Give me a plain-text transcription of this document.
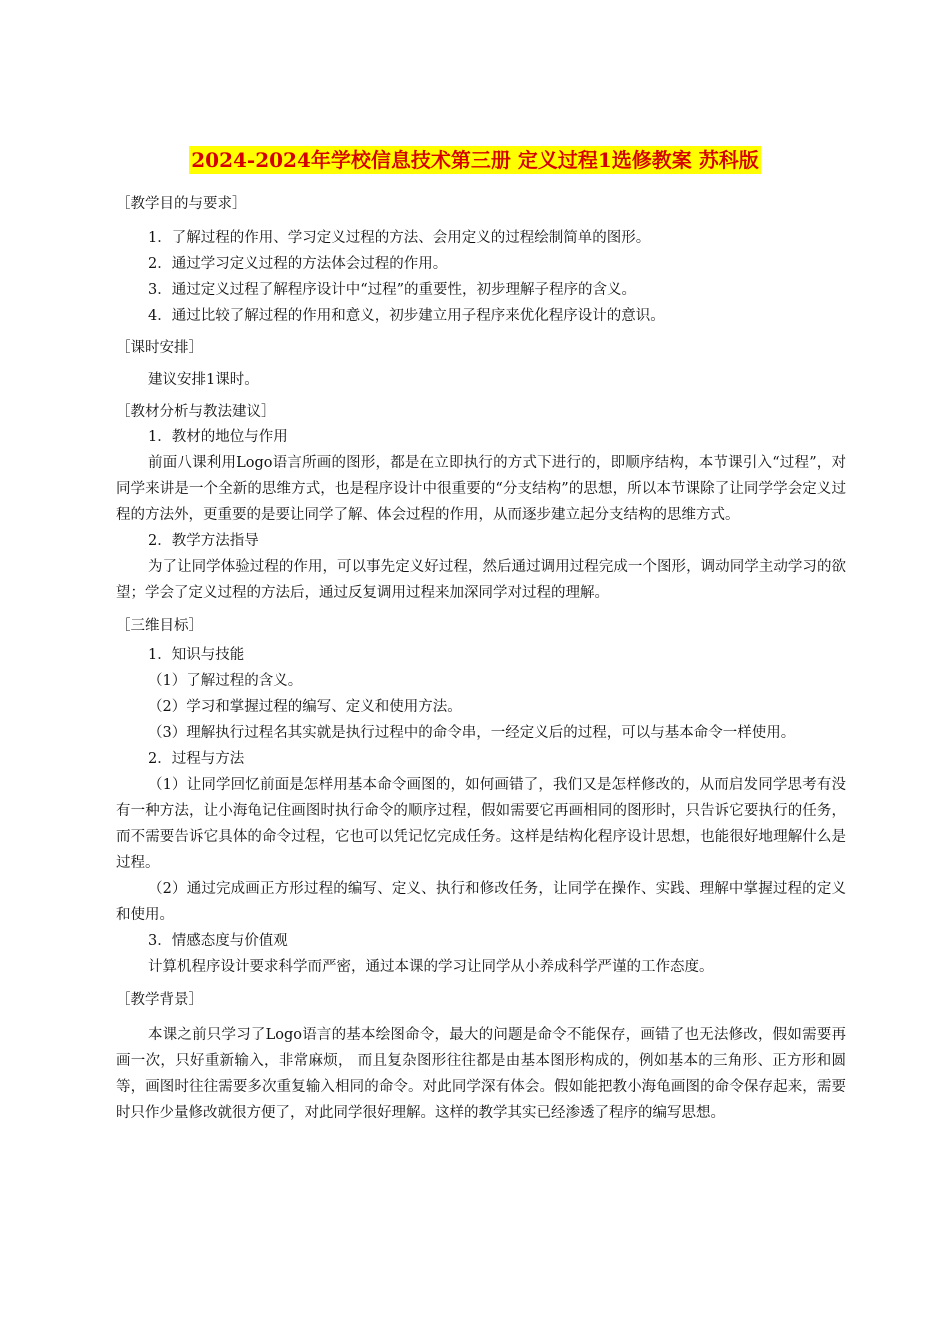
2024-2024年学校信息技术第三册 定义过程1选修教案 苏科版

［教学目的与要求］

1．了解过程的作用、学习定义过程的方法、会用定义的过程绘制简单的图形。

2．通过学习定义过程的方法体会过程的作用。

3．通过定义过程了解程序设计中“过程”的重要性，初步理解子程序的含义。

4．通过比较了解过程的作用和意义，初步建立用子程序来优化程序设计的意识。

［课时安排］

建议安排1课时。

［教材分析与教法建议］

1．教材的地位与作用

前面八课利用Logo语言所画的图形，都是在立即执行的方式下进行的，即顺序结构，本节课引入“过程”，对同学来讲是一个全新的思维方式，也是程序设计中很重要的“分支结构”的思想，所以本节课除了让同学学会定义过程的方法外，更重要的是要让同学了解、体会过程的作用，从而逐步建立起分支结构的思维方式。

2．教学方法指导

为了让同学体验过程的作用，可以事先定义好过程，然后通过调用过程完成一个图形，调动同学主动学习的欲望；学会了定义过程的方法后，通过反复调用过程来加深同学对过程的理解。

［三维目标］

1．知识与技能

（1）了解过程的含义。

（2）学习和掌握过程的编写、定义和使用方法。

（3）理解执行过程名其实就是执行过程中的命令串，一经定义后的过程，可以与基本命令一样使用。

2．过程与方法

（1）让同学回忆前面是怎样用基本命令画图的，如何画错了，我们又是怎样修改的，从而启发同学思考有没有一种方法，让小海龟记住画图时执行命令的顺序过程，假如需要它再画相同的图形时，只告诉它要执行的任务，而不需要告诉它具体的命令过程，它也可以凭记忆完成任务。这样是结构化程序设计思想，也能很好地理解什么是过程。

（2）通过完成画正方形过程的编写、定义、执行和修改任务，让同学在操作、实践、理解中掌握过程的定义和使用。

3．情感态度与价值观

计算机程序设计要求科学而严密，通过本课的学习让同学从小养成科学严谨的工作态度。

［教学背景］

本课之前只学习了Logo语言的基本绘图命令，最大的问题是命令不能保存，画错了也无法修改，假如需要再画一次，只好重新输入，非常麻烦， 而且复杂图形往往都是由基本图形构成的，例如基本的三角形、正方形和圆等，画图时往往需要多次重复输入相同的命令。对此同学深有体会。假如能把教小海龟画图的命令保存起来，需要时只作少量修改就很方便了，对此同学很好理解。这样的教学其实已经渗透了程序的编写思想。
